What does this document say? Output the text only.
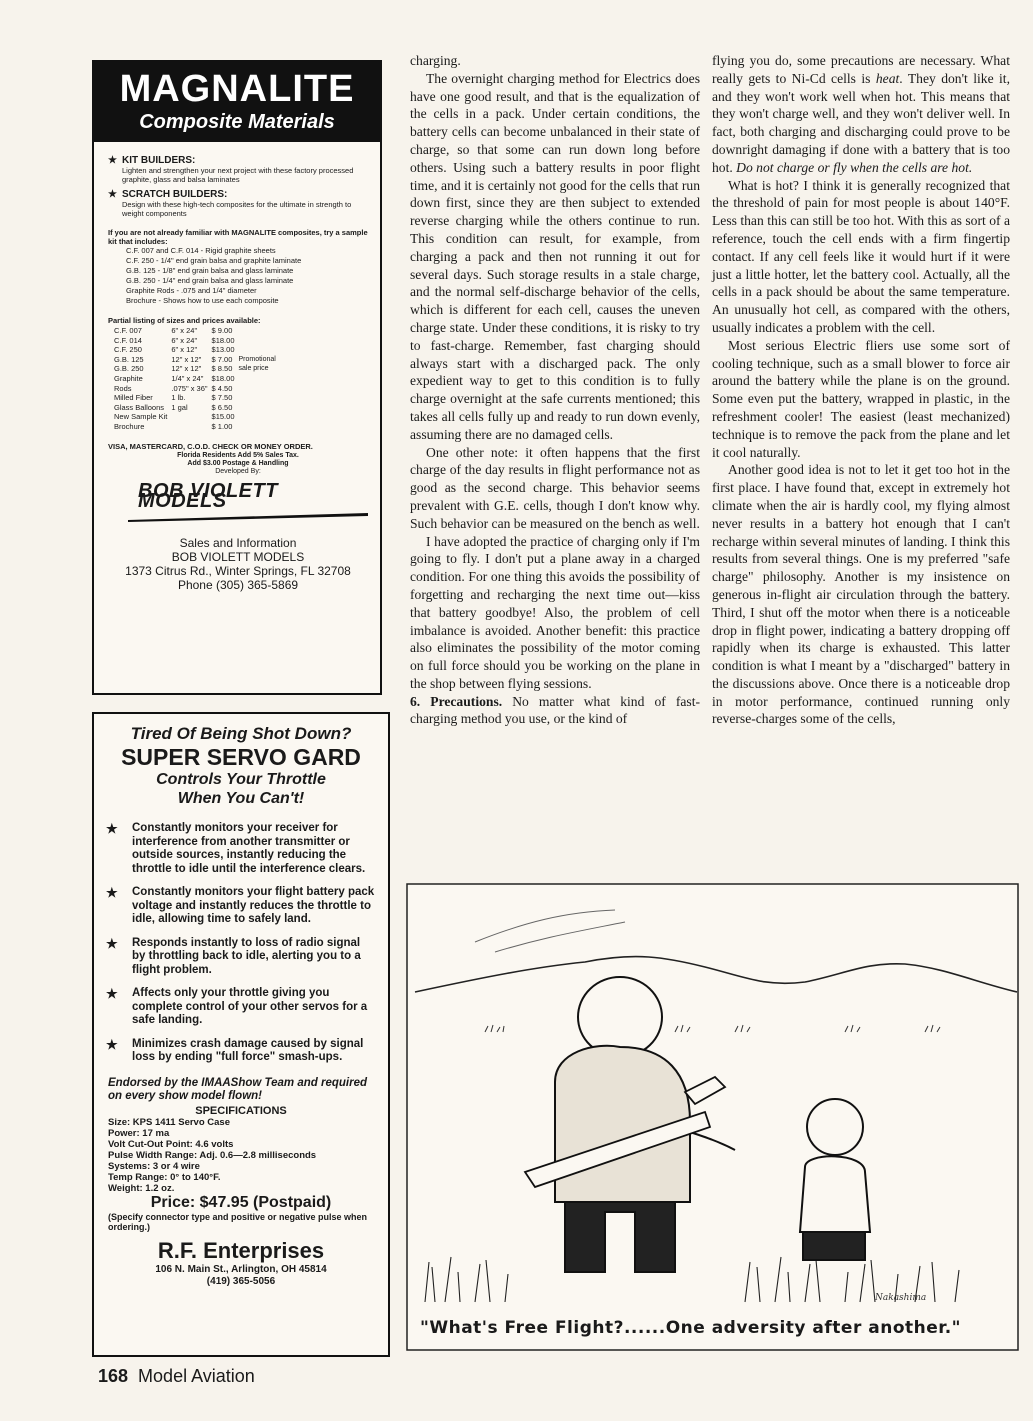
MAGNALITE
Composite Materials
★ KIT BUILDERS:
Lighten and strengthen your next project with these factory processed graphite, glass and balsa laminates
★ SCRATCH BUILDERS:
Design with these high-tech composites for the ultimate in strength to weight components
If you are not already familiar with MAGNALITE composites, try a sample kit that includes:
C.F. 007 and C.F. 014 - Rigid graphite sheets
C.F. 250 - 1/4" end grain balsa and graphite laminate
G.B. 125 - 1/8" end grain balsa and glass laminate
G.B. 250 - 1/4" end grain balsa and glass laminate
Graphite Rods - .075 and 1/4" diameter
Brochure - Shows how to use each composite
Partial listing of sizes and prices available:
C.F. 007	6" x 24"	$ 9.00	
C.F. 014	6" x 24"	$18.00	
C.F. 250	6" x 12"	$13.00	
G.B. 125	12" x 12"	$ 7.00	Promotional
G.B. 250	12" x 12"	$ 8.50	sale price
Graphite	1/4" x 24"	$18.00	
Rods	.075" x 36"	$ 4.50	
Milled Fiber	1 lb.	$ 7.50	
Glass Balloons	1 gal	$ 6.50	
New Sample Kit		$15.00	
Brochure		$ 1.00	
VISA, MASTERCARD, C.O.D. CHECK OR MONEY ORDER.
Florida Residents Add 5% Sales Tax.
Add $3.00 Postage & Handling
Developed By:
BOB VIOLETT MODELS
Sales and Information
BOB VIOLETT MODELS
1373 Citrus Rd., Winter Springs, FL 32708
Phone (305) 365-5869
Tired Of Being Shot Down?
SUPER SERVO GARD
Controls Your Throttle
When You Can't!
★	Constantly monitors your receiver for interference from another transmitter or outside sources, instantly reducing the throttle to idle until the interference clears.
★	Constantly monitors your flight battery pack voltage and instantly reduces the throttle to idle, allowing time to safely land.
★	Responds instantly to loss of radio signal by throttling back to idle, alerting you to a flight problem.
★	Affects only your throttle giving you complete control of your other servos for a safe landing.
★	Minimizes crash damage caused by signal loss by ending "full force" smash-ups.
Endorsed by the IMAAShow Team and required on every show model flown!
SPECIFICATIONS
Size: KPS 1411 Servo Case
Power: 17 ma
Volt Cut-Out Point: 4.6 volts
Pulse Width Range: Adj. 0.6—2.8 milliseconds
Systems: 3 or 4 wire
Temp Range: 0° to 140°F.
Weight: 1.2 oz.
Price: $47.95 (Postpaid)
(Specify connector type and positive or negative pulse when ordering.)
R.F. Enterprises
106 N. Main St., Arlington, OH 45814
(419) 365-5056
168 Model Aviation

charging.

The overnight charging method for Electrics does have one good result, and that is the equalization of the cells in a pack. Under certain conditions, the battery cells can become unbalanced in their state of charge, so that some can run down long before others. Using such a battery results in poor flight time, and it is certainly not good for the cells that run down first, since they are then subject to extended reverse charging while the others continue to run. This condition can result, for example, from charging a pack and then not running it out for several days. Such storage results in a stale charge, and the normal self-discharge behavior of the cells, which is different for each cell, causes the uneven charge state. Under these conditions, it is risky to try to fast-charge. Remember, fast charging should always start with a discharged pack. The only expedient way to get to this condition is to fully charge overnight at the safe currents mentioned; this takes all cells fully up and ready to run down evenly, assuming there are no damaged cells.

One other note: it often happens that the first charge of the day results in flight performance not as good as the second charge. This behavior seems prevalent with G.E. cells, though I don't know why. Such behavior can be measured on the bench as well.

I have adopted the practice of charging only if I'm going to fly. I don't put a plane away in a charged condition. For one thing this avoids the possibility of forgetting and recharging the next time out—kiss that battery goodbye! Also, the problem of cell imbalance is avoided. Another benefit: this practice also eliminates the possibility of the motor coming on full force should you be working on the plane in the shop between flying sessions.

6. Precautions. No matter what kind of fast-charging method you use, or the kind of

flying you do, some precautions are necessary. What really gets to Ni-Cd cells is heat. They don't like it, and they won't work well when hot. This means that they won't charge well, and they won't deliver well. In fact, both charging and discharging could prove to be downright damaging if done with a battery that is too hot. Do not charge or fly when the cells are hot.

What is hot? I think it is generally recognized that the threshold of pain for most people is about 140°F. Less than this can still be too hot. With this as sort of a reference, touch the cell ends with a firm fingertip contact. If any cell feels like it would hurt if it were just a little hotter, let the battery cool. Actually, all the cells in a pack should be about the same temperature. An unusually hot cell, as compared with the others, usually indicates a problem with the cell.

Most serious Electric fliers use some sort of cooling technique, such as a small blower to force air around the battery while the plane is on the ground. Some even put the battery, wrapped in plastic, in the refreshment cooler! The easiest (least mechanized) technique is to remove the pack from the plane and let it cool naturally.

Another good idea is not to let it get too hot in the first place. I have found that, except in extremely hot climate when the air is hardly cool, my flying almost never results in a battery hot enough that I can't recharge within several minutes of landing. I think this results from several things. One is my preferred "safe charge" philosophy. Another is my insistence on generous in-flight air circulation through the battery. Third, I shut off the motor when there is a noticeable drop in flight power, indicating a battery dropping off rapidly when its charge is exhausted. This latter condition is what I meant by a "discharged" battery in the discussions above. Once there is a noticeable drop in motor performance, continued running only reverse-charges some of the cells,

Nakashima
"What's Free Flight?......One adversity after another."
